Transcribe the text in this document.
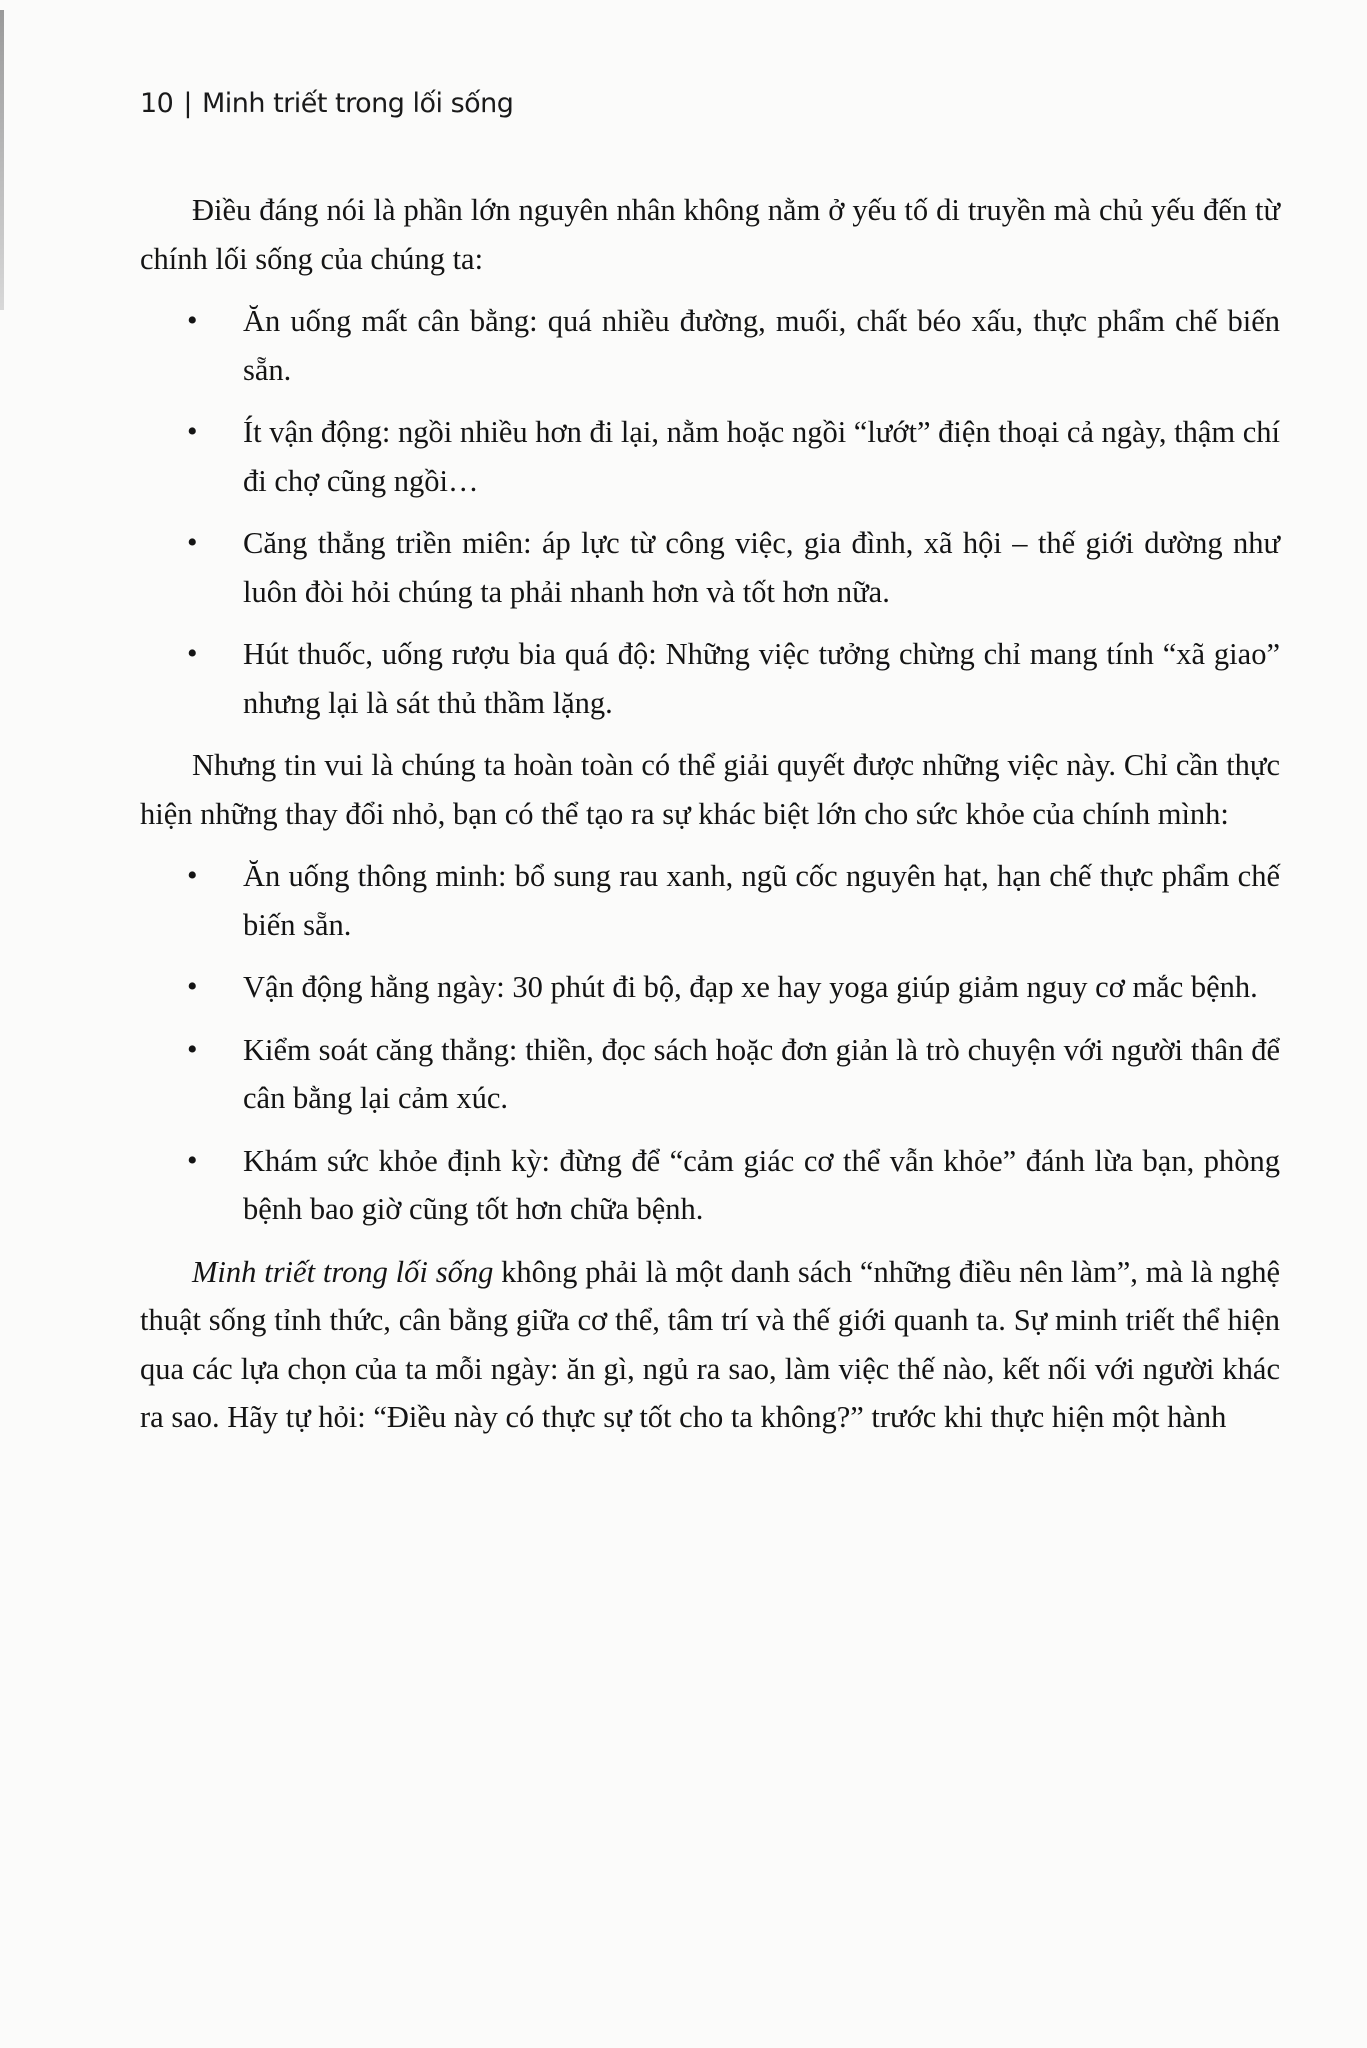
10 | Minh triết trong lối sống

Điều đáng nói là phần lớn nguyên nhân không nằm ở yếu tố di truyền mà chủ yếu đến từ chính lối sống của chúng ta:

• Ăn uống mất cân bằng: quá nhiều đường, muối, chất béo xấu, thực phẩm chế biến sẵn.
• Ít vận động: ngồi nhiều hơn đi lại, nằm hoặc ngồi “lướt” điện thoại cả ngày, thậm chí đi chợ cũng ngồi…
• Căng thẳng triền miên: áp lực từ công việc, gia đình, xã hội – thế giới dường như luôn đòi hỏi chúng ta phải nhanh hơn và tốt hơn nữa.
• Hút thuốc, uống rượu bia quá độ: Những việc tưởng chừng chỉ mang tính “xã giao” nhưng lại là sát thủ thầm lặng.

Nhưng tin vui là chúng ta hoàn toàn có thể giải quyết được những việc này. Chỉ cần thực hiện những thay đổi nhỏ, bạn có thể tạo ra sự khác biệt lớn cho sức khỏe của chính mình:

• Ăn uống thông minh: bổ sung rau xanh, ngũ cốc nguyên hạt, hạn chế thực phẩm chế biến sẵn.
• Vận động hằng ngày: 30 phút đi bộ, đạp xe hay yoga giúp giảm nguy cơ mắc bệnh.
• Kiểm soát căng thẳng: thiền, đọc sách hoặc đơn giản là trò chuyện với người thân để cân bằng lại cảm xúc.
• Khám sức khỏe định kỳ: đừng để “cảm giác cơ thể vẫn khỏe” đánh lừa bạn, phòng bệnh bao giờ cũng tốt hơn chữa bệnh.

Minh triết trong lối sống không phải là một danh sách “những điều nên làm”, mà là nghệ thuật sống tỉnh thức, cân bằng giữa cơ thể, tâm trí và thế giới quanh ta. Sự minh triết thể hiện qua các lựa chọn của ta mỗi ngày: ăn gì, ngủ ra sao, làm việc thế nào, kết nối với người khác ra sao. Hãy tự hỏi: “Điều này có thực sự tốt cho ta không?” trước khi thực hiện một hành
